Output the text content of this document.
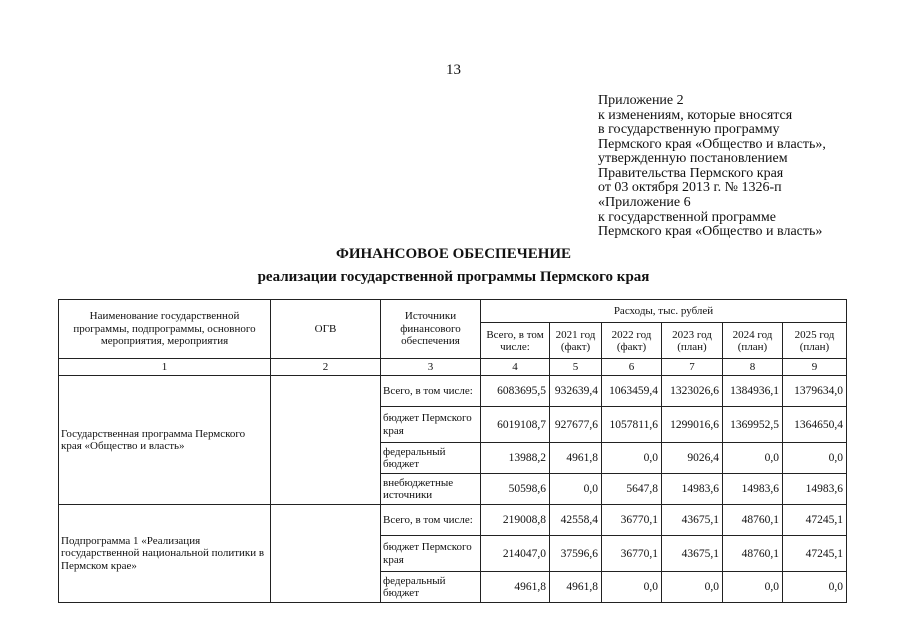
13
Приложение 2
к изменениям, которые вносятся
в государственную программу
Пермского края «Общество и власть»,
утвержденную постановлением
Правительства Пермского края
от 03 октября 2013 г. № 1326-п
«Приложение 6
к государственной программе
Пермского края «Общество и власть»
ФИНАНСОВОЕ ОБЕСПЕЧЕНИЕ
реализации государственной программы Пермского края
Наименование государственной программы, подпрограммы, основного мероприятия, мероприятия	ОГВ	Источники финансового обеспечения	Расходы, тыс. рублей					
			Всего, в том числе:	2021 год (факт)	2022 год (факт)	2023 год (план)	2024 год (план)	2025 год (план)
1	2	3	4	5	6	7	8	9
Государственная программа Пермского края «Общество и власть»		Всего, в том числе:	6083695,5	932639,4	1063459,4	1323026,6	1384936,1	1379634,0
		бюджет Пермского края	6019108,7	927677,6	1057811,6	1299016,6	1369952,5	1364650,4
		федеральный бюджет	13988,2	4961,8	0,0	9026,4	0,0	0,0
		внебюджетные источники	50598,6	0,0	5647,8	14983,6	14983,6	14983,6
Подпрограмма 1 «Реализация государственной национальной политики в Пермском крае»		Всего, в том числе:	219008,8	42558,4	36770,1	43675,1	48760,1	47245,1
		бюджет Пермского края	214047,0	37596,6	36770,1	43675,1	48760,1	47245,1
		федеральный бюджет	4961,8	4961,8	0,0	0,0	0,0	0,0
